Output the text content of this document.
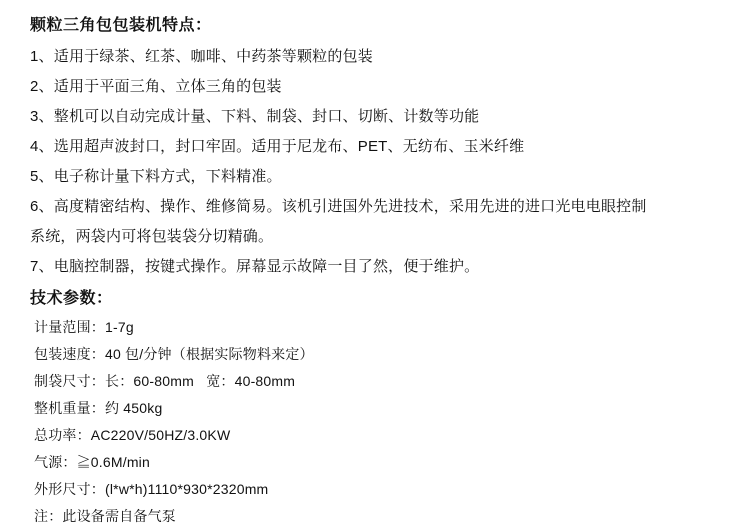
颗粒三角包包装机特点：

1、适用于绿茶、红茶、咖啡、中药茶等颗粒的包装

2、适用于平面三角、立体三角的包装

3、整机可以自动完成计量、下料、制袋、封口、切断、计数等功能

4、选用超声波封口，封口牢固。适用于尼龙布、PET、无纺布、玉米纤维

5、电子称计量下料方式，下料精准。

6、高度精密结构、操作、维修简易。该机引进国外先进技术，采用先进的进口光电电眼控制

系统，两袋内可将包装袋分切精确。

7、电脑控制器，按键式操作。屏幕显示故障一目了然，便于维护。

技术参数：

计量范围：1-7g

包装速度：40 包/分钟（根据实际物料来定）

制袋尺寸：长：60-80mm   宽：40-80mm

整机重量：约 450kg

总功率：AC220V/50HZ/3.0KW

气源：≧0.6M/min

外形尺寸：(l*w*h)1110*930*2320mm

注：此设备需自备气泵
